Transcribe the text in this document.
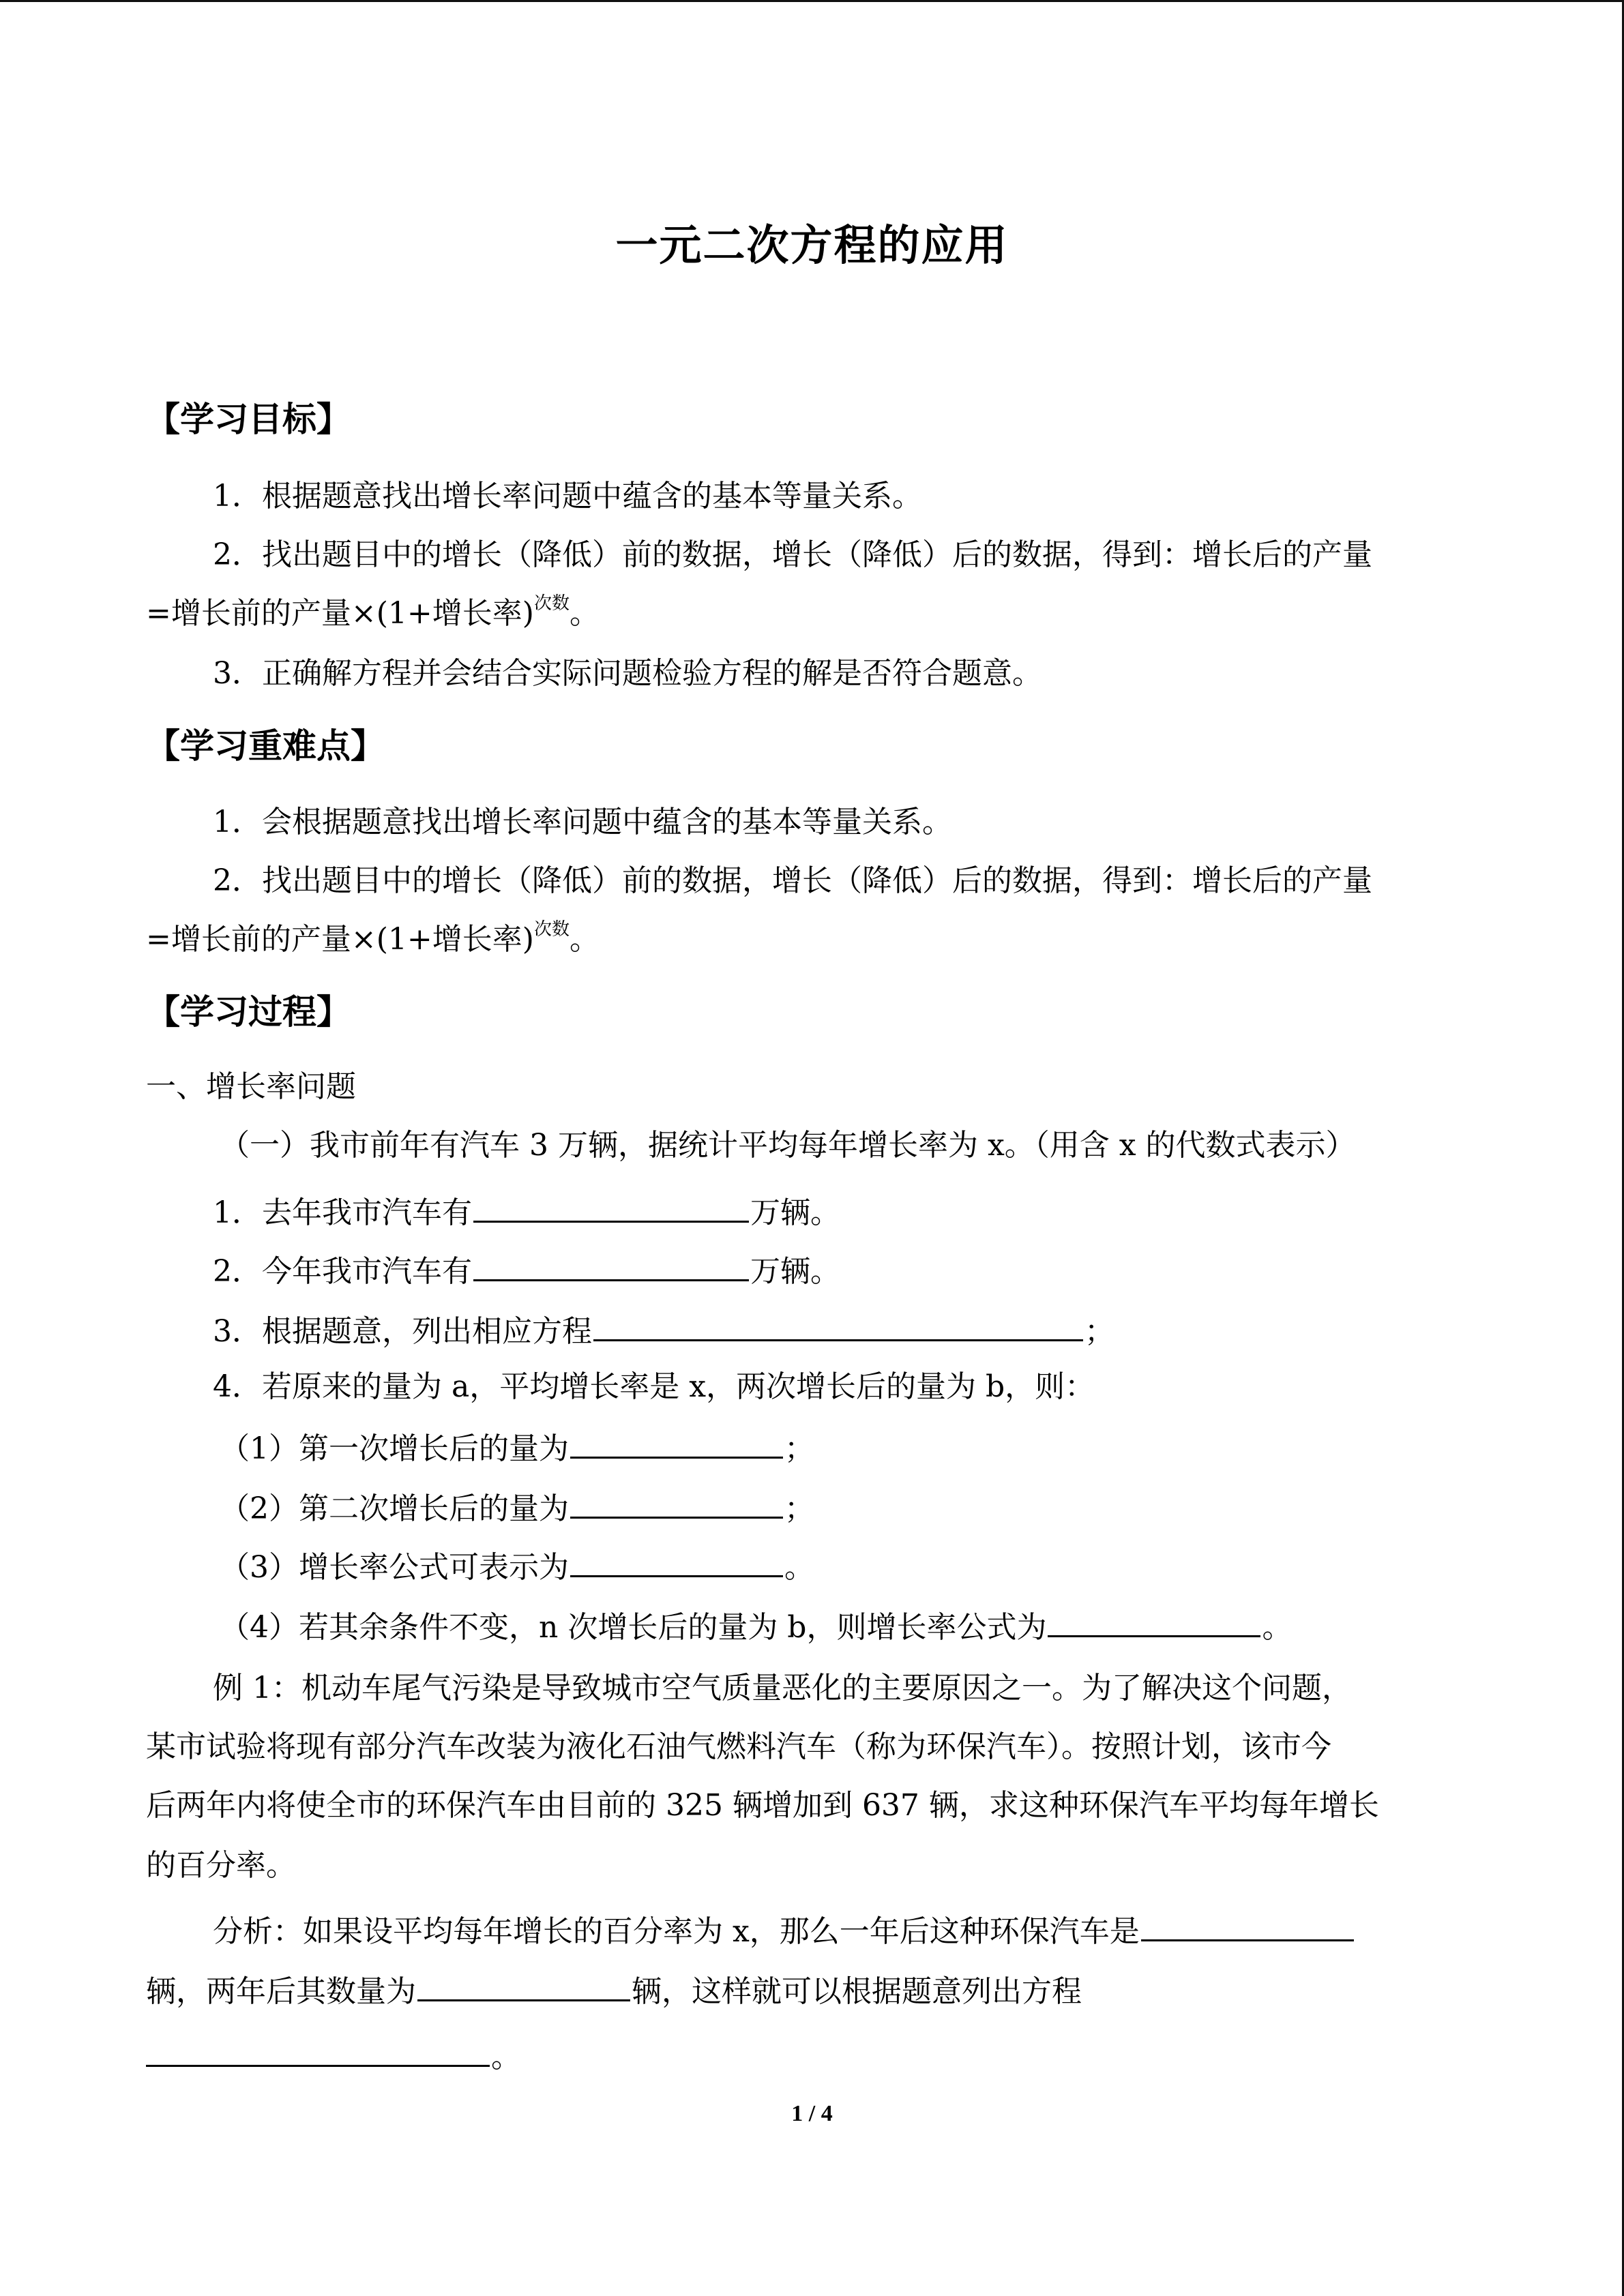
一元二次方程的应用
【学习目标】
1．根据题意找出增长率问题中蕴含的基本等量关系。
2．找出题目中的增长（降低）前的数据，增长（降低）后的数据，得到：增长后的产量
=增长前的产量×(1+增长率)$^{次数}$。
3．正确解方程并会结合实际问题检验方程的解是否符合题意。
【学习重难点】
1．会根据题意找出增长率问题中蕴含的基本等量关系。
2．找出题目中的增长（降低）前的数据，增长（降低）后的数据，得到：增长后的产量
=增长前的产量×(1+增长率)$^{次数}$。
【学习过程】
一、增长率问题
（一）我市前年有汽车 3 万辆，据统计平均每年增长率为 x。（用含 x 的代数式表示）
1．去年我市汽车有	万辆。
2．今年我市汽车有	万辆。
3．根据题意，列出相应方程	；
4．若原来的量为 a，平均增长率是 x，两次增长后的量为 b，则：
（1）第一次增长后的量为	；
（2）第二次增长后的量为	；
（3）增长率公式可表示为	。
（4）若其余条件不变，n 次增长后的量为 b，则增长率公式为	。
例 1：机动车尾气污染是导致城市空气质量恶化的主要原因之一。为了解决这个问题，
某市试验将现有部分汽车改装为液化石油气燃料汽车（称为环保汽车）。按照计划，该市今
后两年内将使全市的环保汽车由目前的 325 辆增加到 637 辆，求这种环保汽车平均每年增长
的百分率。
分析：如果设平均每年增长的百分率为 x，那么一年后这种环保汽车是
辆，两年后其数量为	辆，这样就可以根据题意列出方程
。
1 / 4
